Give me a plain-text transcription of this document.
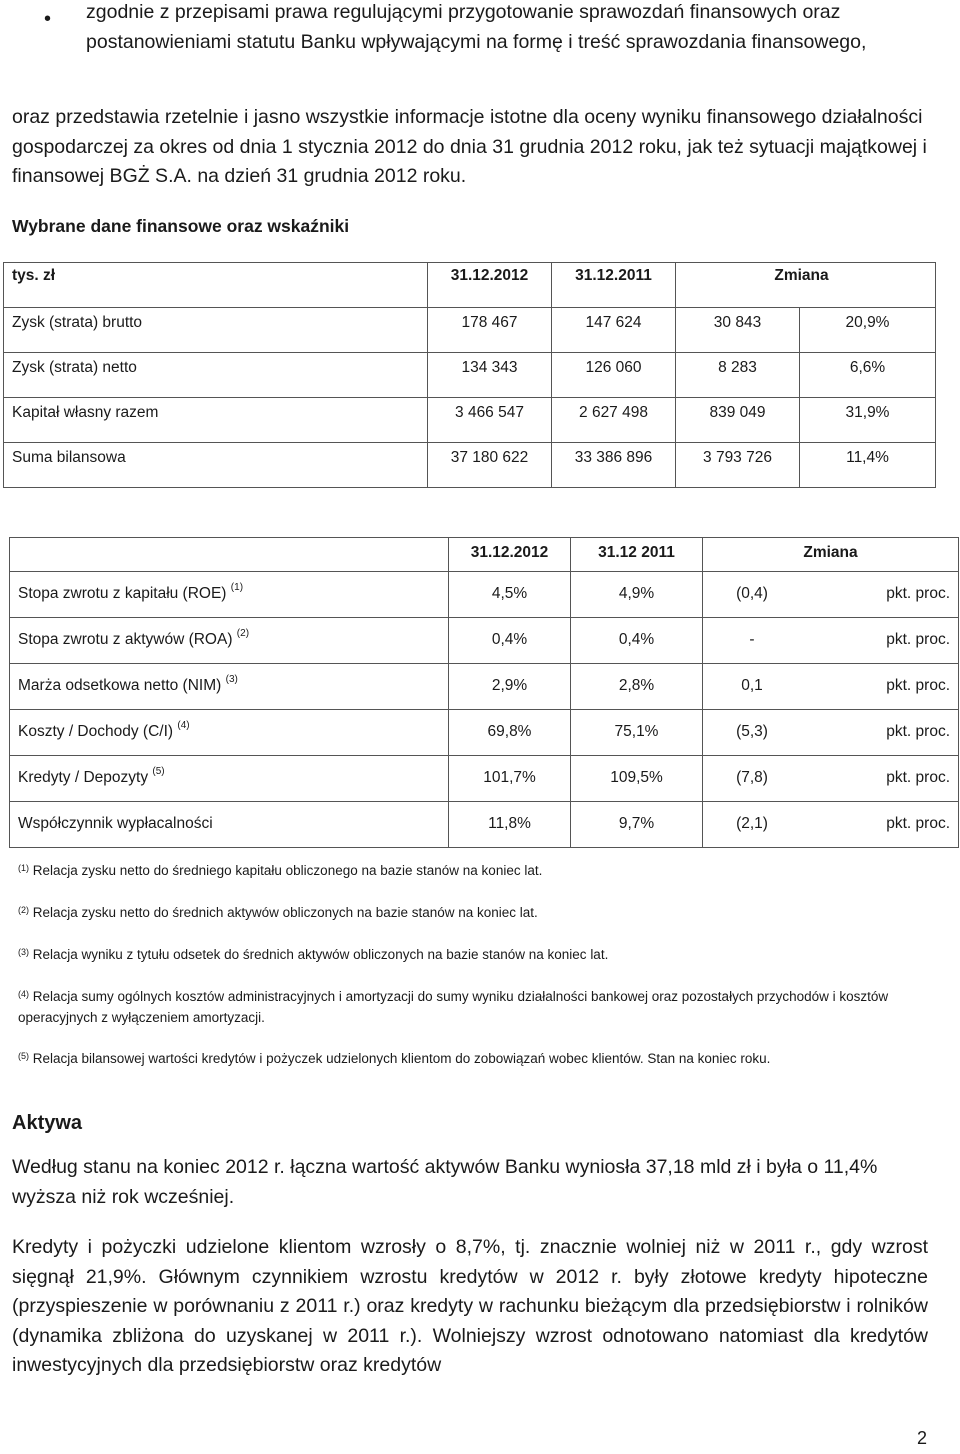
• zgodnie z przepisami prawa regulującymi przygotowanie sprawozdań finansowych oraz postanowieniami statutu Banku wpływającymi na formę i treść sprawozdania finansowego,

oraz przedstawia rzetelnie i jasno wszystkie informacje istotne dla oceny wyniku finansowego działalności gospodarczej za okres od dnia 1 stycznia 2012 do dnia 31 grudnia 2012 roku, jak też sytuacji majątkowej i finansowej BGŻ S.A. na dzień 31 grudnia 2012 roku.

Wybrane dane finansowe oraz wskaźniki
tys. zł	31.12.2012	31.12.2011	Zmiana	
Zysk (strata) brutto	178 467	147 624	30 843	20,9%
Zysk (strata) netto	134 343	126 060	8 283	6,6%
Kapitał własny razem	3 466 547	2 627 498	839 049	31,9%
Suma bilansowa	37 180 622	33 386 896	3 793 726	11,4%
	31.12.2012	31.12 2011	Zmiana
Stopa zwrotu z kapitału (ROE) $^{(1)}$	4,5%	4,9%	(0,4) pkt. proc.

Stopa zwrotu z aktywów (ROA) $^{(2)}$	0,4%	0,4%	- pkt. proc.

Marża odsetkowa netto (NIM) $^{(3)}$	2,9%	2,8%	0,1 pkt. proc.

Koszty / Dochody (C/I) $^{(4)}$	69,8%	75,1%	(5,3) pkt. proc.

Kredyty / Depozyty $^{(5)}$	101,7%	109,5%	(7,8) pkt. proc.

Współczynnik wypłacalności	11,8%	9,7%	(2,1) pkt. proc.
$^{(1)}$ Relacja zysku netto do średniego kapitału obliczonego na bazie stanów na koniec lat.
$^{(2)}$ Relacja zysku netto do średnich aktywów obliczonych na bazie stanów na koniec lat.
$^{(3)}$ Relacja wyniku z tytułu odsetek do średnich aktywów obliczonych na bazie stanów na koniec lat.
$^{(4)}$ Relacja sumy ogólnych kosztów administracyjnych i amortyzacji do sumy wyniku działalności bankowej oraz pozostałych przychodów i kosztów operacyjnych z wyłączeniem amortyzacji.
$^{(5)}$ Relacja bilansowej wartości kredytów i pożyczek udzielonych klientom do zobowiązań wobec klientów. Stan na koniec roku.
Aktywa

Według stanu na koniec 2012 r. łączna wartość aktywów Banku wyniosła 37,18 mld zł i była o 11,4% wyższa niż rok wcześniej.

Kredyty i pożyczki udzielone klientom wzrosły o 8,7%, tj. znacznie wolniej niż w 2011 r., gdy wzrost sięgnął 21,9%. Głównym czynnikiem wzrostu kredytów w 2012 r. były złotowe kredyty hipoteczne (przyspieszenie w porównaniu z 2011 r.) oraz kredyty w rachunku bieżącym dla przedsiębiorstw i rolników (dynamika zbliżona do uzyskanej w 2011 r.). Wolniejszy wzrost odnotowano natomiast dla kredytów inwestycyjnych dla przedsiębiorstw oraz kredytów

2
